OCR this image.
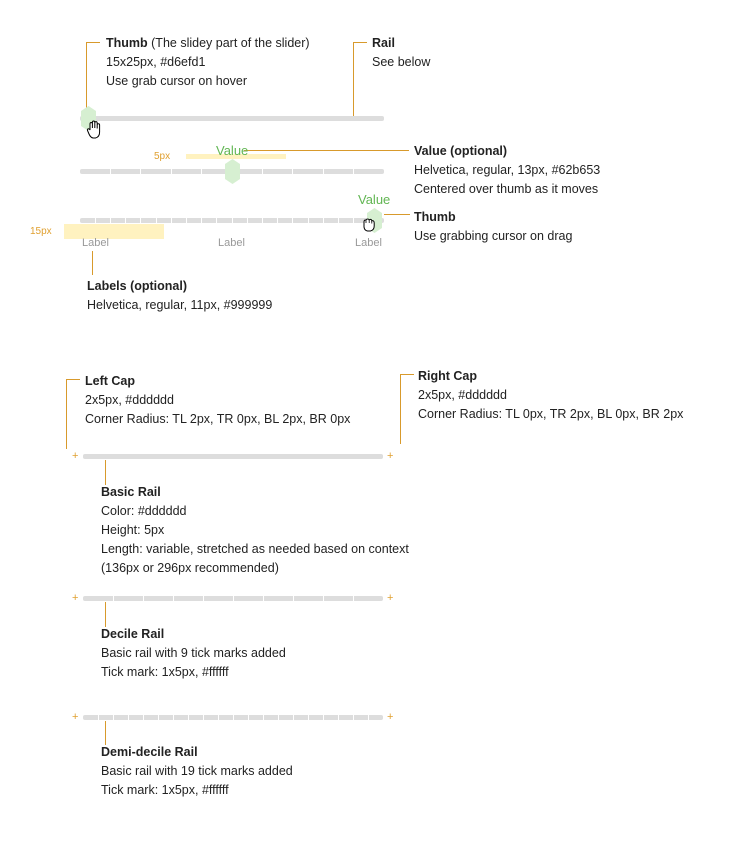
Thumb (The slidey part of the slider)
15x25px, #d6efd1
Use grab cursor on hover
Rail
See below
Value (optional)
Helvetica, regular, 13px, #62b653
Centered over thumb as it moves
5px	Value
Value
Thumb
Use grabbing cursor on drag
15px
Label	Label	Label
Labels (optional)
Helvetica, regular, 11px, #999999
Left Cap
2x5px, #dddddd
Corner Radius: TL 2px, TR 0px, BL 2px, BR 0px
Right Cap
2x5px, #dddddd
Corner Radius: TL 0px, TR 2px, BL 0px, BR 2px
+	+
Basic Rail
Color: #dddddd
Height: 5px
Length: variable, stretched as needed based on context
(136px or 296px recommended)
+	+
Decile Rail
Basic rail with 9 tick marks added
Tick mark: 1x5px, #ffffff
+	+
Demi-decile Rail
Basic rail with 19 tick marks added
Tick mark: 1x5px, #ffffff
